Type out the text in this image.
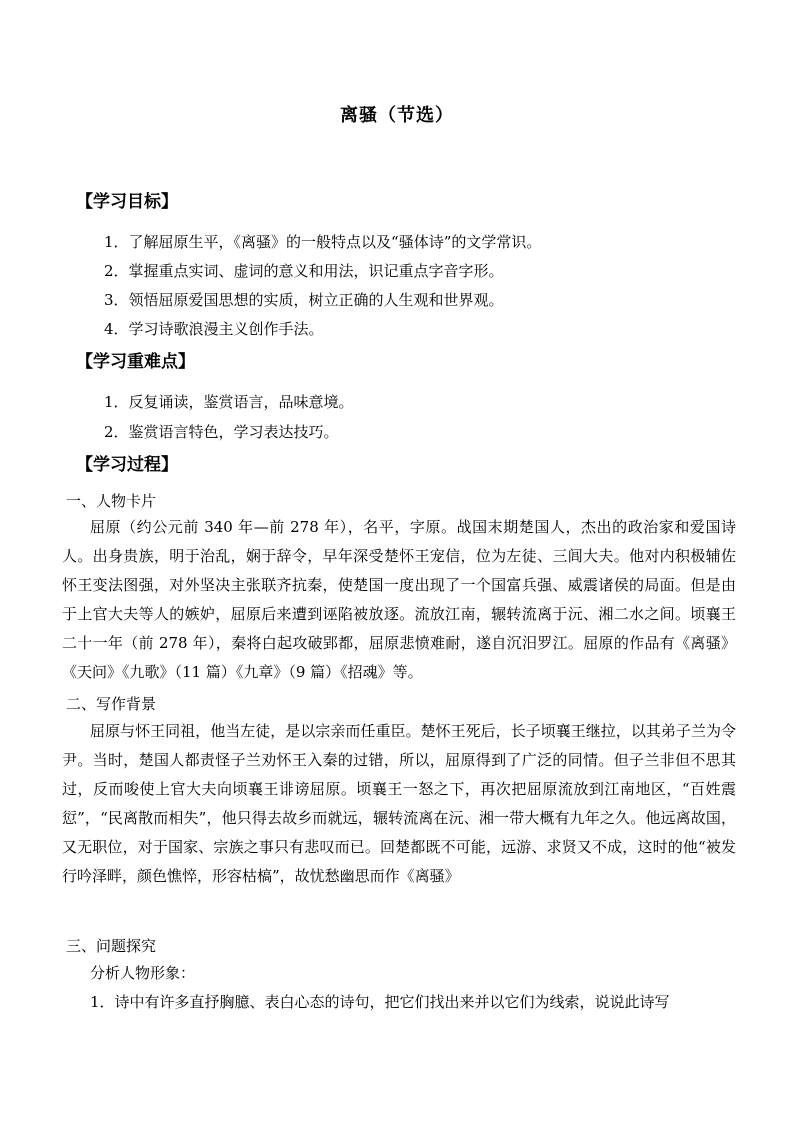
离骚（节选）
【学习目标】
1．了解屈原生平，《离骚》的一般特点以及“骚体诗”的文学常识。
2．掌握重点实词、虚词的意义和用法，识记重点字音字形。
3．领悟屈原爱国思想的实质，树立正确的人生观和世界观。
4．学习诗歌浪漫主义创作手法。
【学习重难点】
1．反复诵读，鉴赏语言，品味意境。
2．鉴赏语言特色，学习表达技巧。
【学习过程】
一、人物卡片

屈原（约公元前 340 年—前 278 年），名平，字原。战国末期楚国人，杰出的政治家和爱国诗人。出身贵族，明于治乱，娴于辞令，早年深受楚怀王宠信，位为左徒、三闾大夫。他对内积极辅佐怀王变法图强，对外坚决主张联齐抗秦，使楚国一度出现了一个国富兵强、威震诸侯的局面。但是由于上官大夫等人的嫉妒，屈原后来遭到诬陷被放逐。流放江南，辗转流离于沅、湘二水之间。顷襄王二十一年（前 278 年），秦将白起攻破郢都，屈原悲愤难耐，遂自沉汨罗江。屈原的作品有《离骚》《天问》《九歌》（11 篇）《九章》（9 篇）《招魂》等。

二、写作背景

屈原与怀王同祖，他当左徒，是以宗亲而任重臣。楚怀王死后，长子顷襄王继拉，以其弟子兰为令尹。当时，楚国人都责怪子兰劝怀王入秦的过错，所以，屈原得到了广泛的同情。但子兰非但不思其过，反而唆使上官大夫向顷襄王诽谤屈原。顷襄王一怒之下，再次把屈原流放到江南地区，“百姓震愆”，“民离散而相失”，他只得去故乡而就远，辗转流离在沅、湘一带大概有九年之久。他远离故国，又无职位，对于国家、宗族之事只有悲叹而已。回楚都既不可能，远游、求贤又不成，这时的他“被发行吟泽畔，颜色憔悴，形容枯槁”，故忧愁幽思而作《离骚》

三、问题探究
分析人物形象：
1．诗中有许多直抒胸臆、表白心态的诗句，把它们找出来并以它们为线索，说说此诗写
